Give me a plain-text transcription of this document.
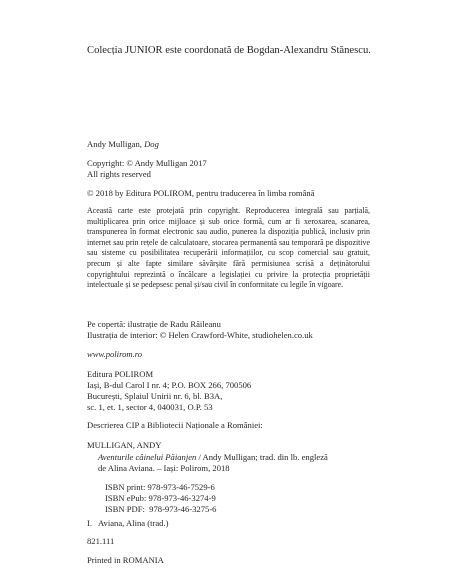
Colecția JUNIOR este coordonată de Bogdan-Alexandru Stănescu.
Andy Mulligan, Dog
Copyright: © Andy Mulligan 2017
All rights reserved
© 2018 by Editura POLIROM, pentru traducerea în limba română
Această carte este protejată prin copyright. Reproducerea integrală sau parțială, multiplicarea prin orice mijloace și sub orice formă, cum ar fi xeroxarea, scanarea, transpunerea în format electronic sau audio, punerea la dispoziția publică, inclusiv prin internet sau prin rețele de calculatoare, stocarea permanentă sau temporară pe dispozitive sau sisteme cu posibilitatea recuperării informațiilor, cu scop comercial sau gratuit, precum și alte fapte similare săvârșite fără permisiunea scrisă a deținătorului copyrightului reprezintă o încălcare a legislației cu privire la protecția proprietății intelectuale și se pedepsesc penal și/sau civil în conformitate cu legile în vigoare.
Pe copertă: ilustrație de Radu Răileanu
Ilustrația de interior: © Helen Crawford-White, studiohelen.co.uk
www.polirom.ro
Editura POLIROM
Iași, B-dul Carol I nr. 4; P.O. BOX 266, 700506
București, Splaiul Unirii nr. 6, bl. B3A,
sc. 1, et. 1, sector 4, 040031, O.P. 53
Descrierea CIP a Bibliotecii Naționale a României:
MULLIGAN, ANDY
Aventurile câinelui Păianjen / Andy Mulligan; trad. din lb. engleză
de Alina Aviana. – Iași: Polirom, 2018
ISBN print: 978-973-46-7529-6
ISBN ePub: 978-973-46-3274-9
ISBN PDF:  978-973-46-3275-6
I.   Aviana, Alina (trad.)
821.111
Printed in ROMANIA
